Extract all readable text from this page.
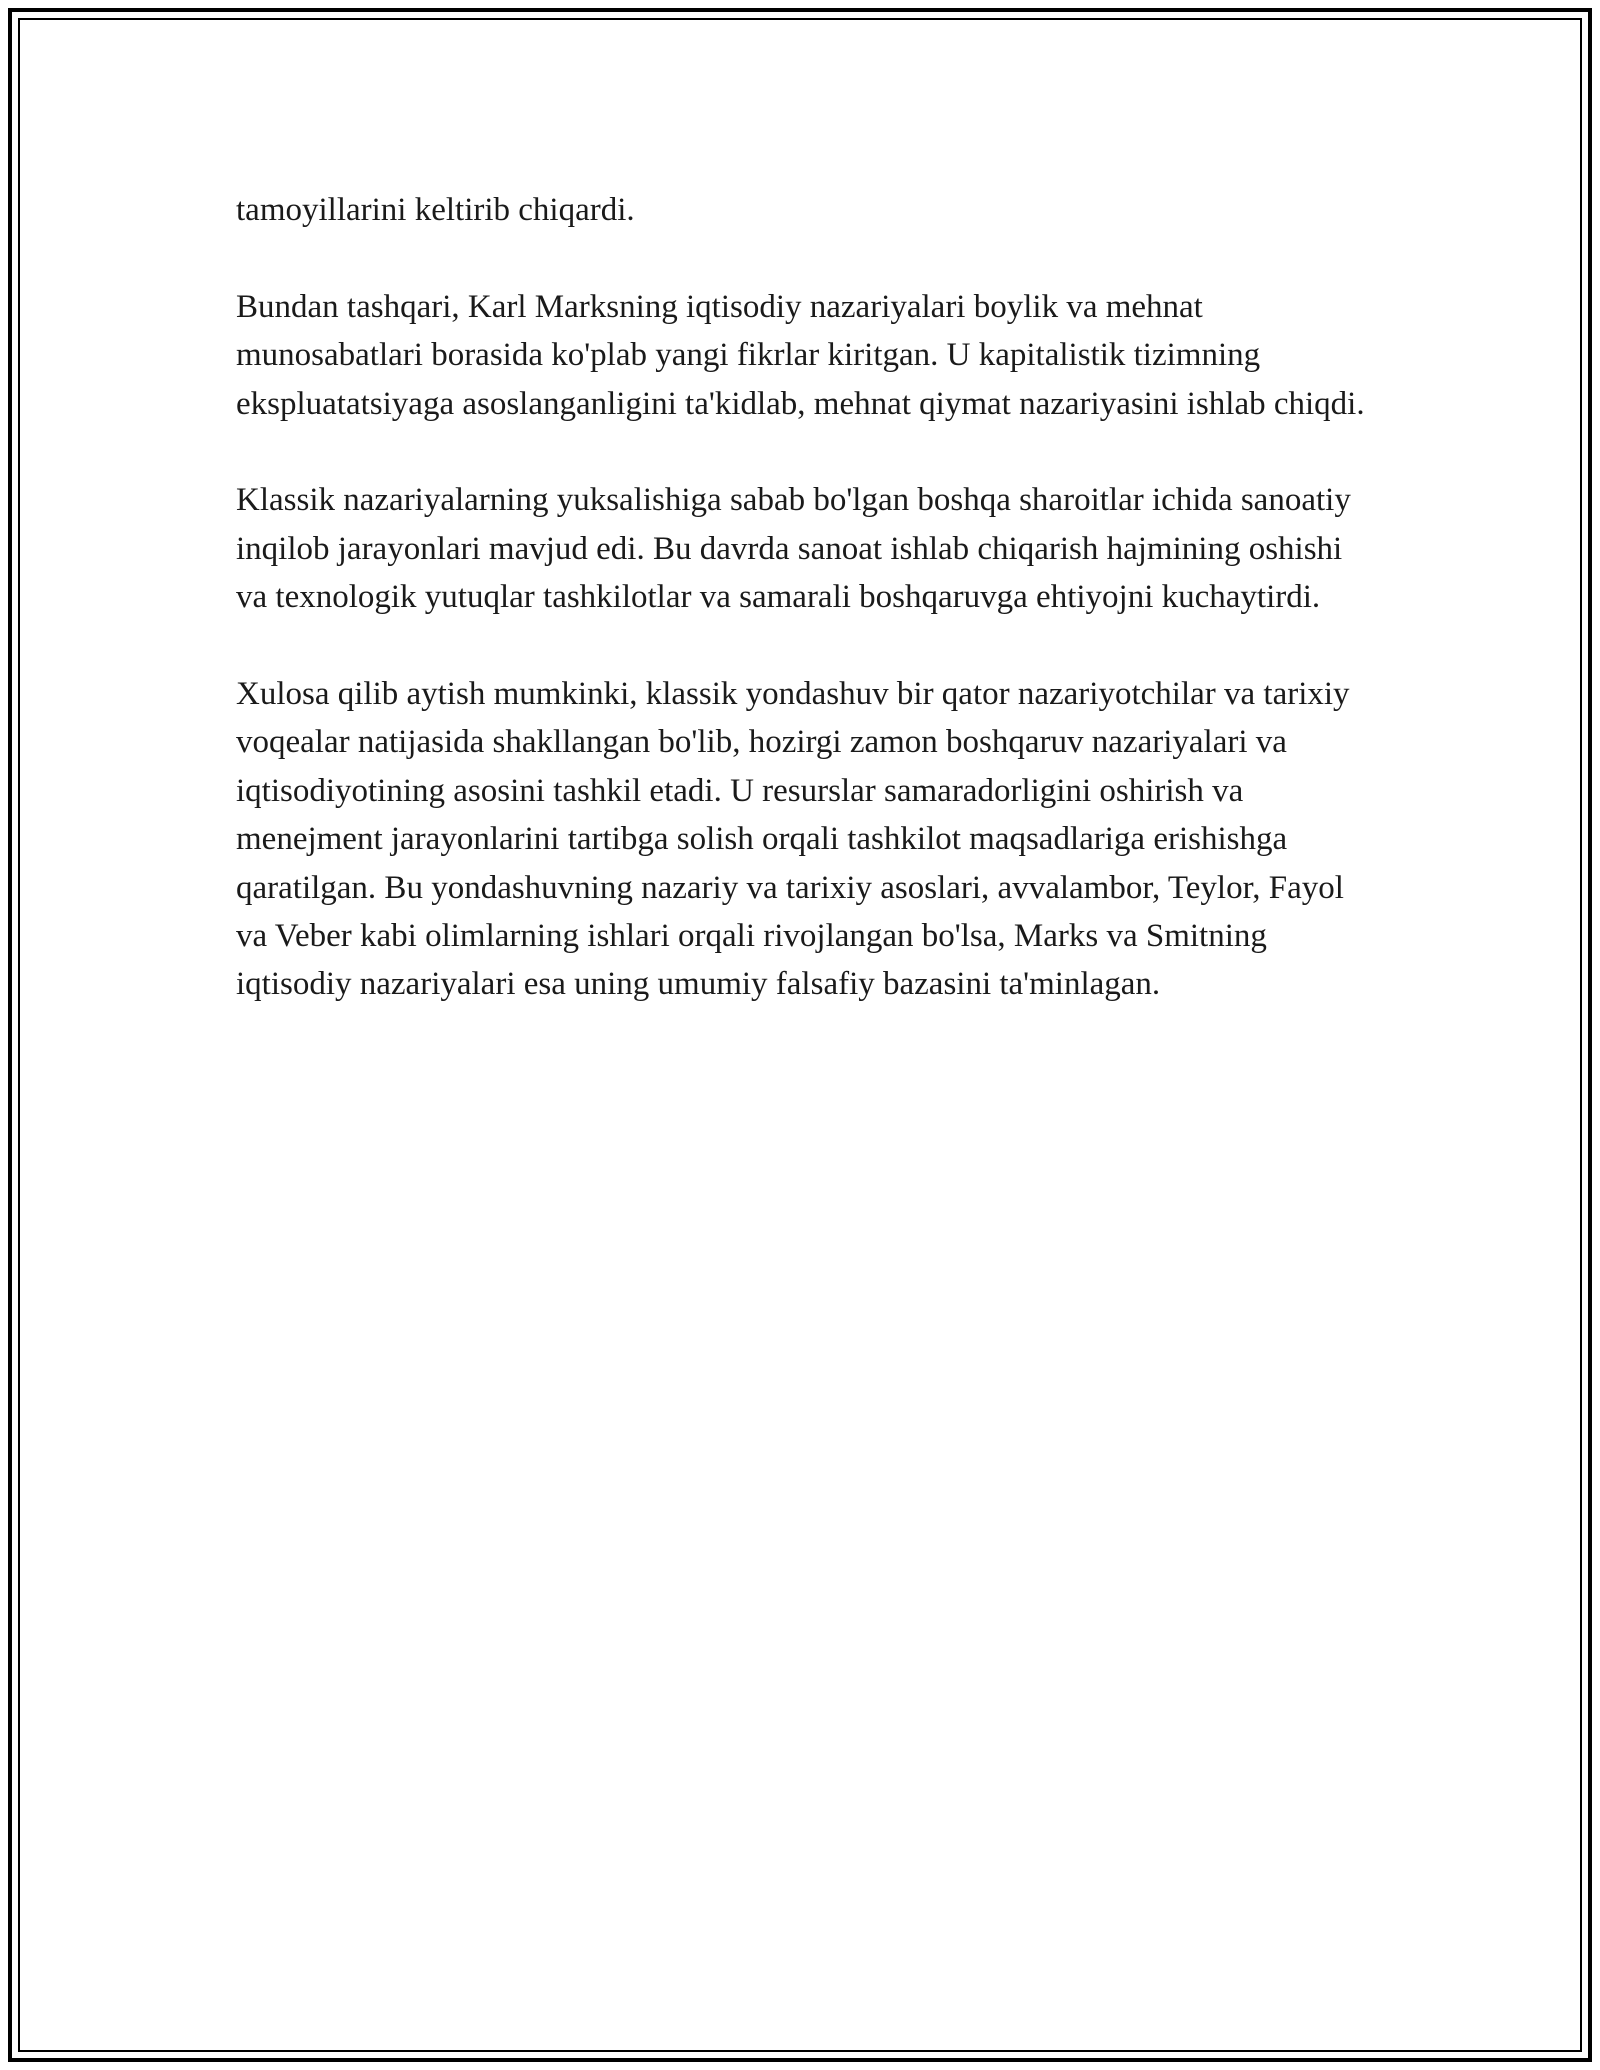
tamoyillarini keltirib chiqardi.

Bundan tashqari, Karl Marksning iqtisodiy nazariyalari boylik va mehnat munosabatlari borasida ko'plab yangi fikrlar kiritgan. U kapitalistik tizimning ekspluatatsiyaga asoslanganligini ta'kidlab, mehnat qiymat nazariyasini ishlab chiqdi.

Klassik nazariyalarning yuksalishiga sabab bo'lgan boshqa sharoitlar ichida sanoatiy inqilob jarayonlari mavjud edi. Bu davrda sanoat ishlab chiqarish hajmining oshishi va texnologik yutuqlar tashkilotlar va samarali boshqaruvga ehtiyojni kuchaytirdi.

Xulosa qilib aytish mumkinki, klassik yondashuv bir qator nazariyotchilar va tarixiy voqealar natijasida shakllangan bo'lib, hozirgi zamon boshqaruv nazariyalari va iqtisodiyotining asosini tashkil etadi. U resurslar samaradorligini oshirish va menejment jarayonlarini tartibga solish orqali tashkilot maqsadlariga erishishga qaratilgan. Bu yondashuvning nazariy va tarixiy asoslari, avvalambor, Teylor, Fayol va Veber kabi olimlarning ishlari orqali rivojlangan bo'lsa, Marks va Smitning iqtisodiy nazariyalari esa uning umumiy falsafiy bazasini ta'minlagan.
